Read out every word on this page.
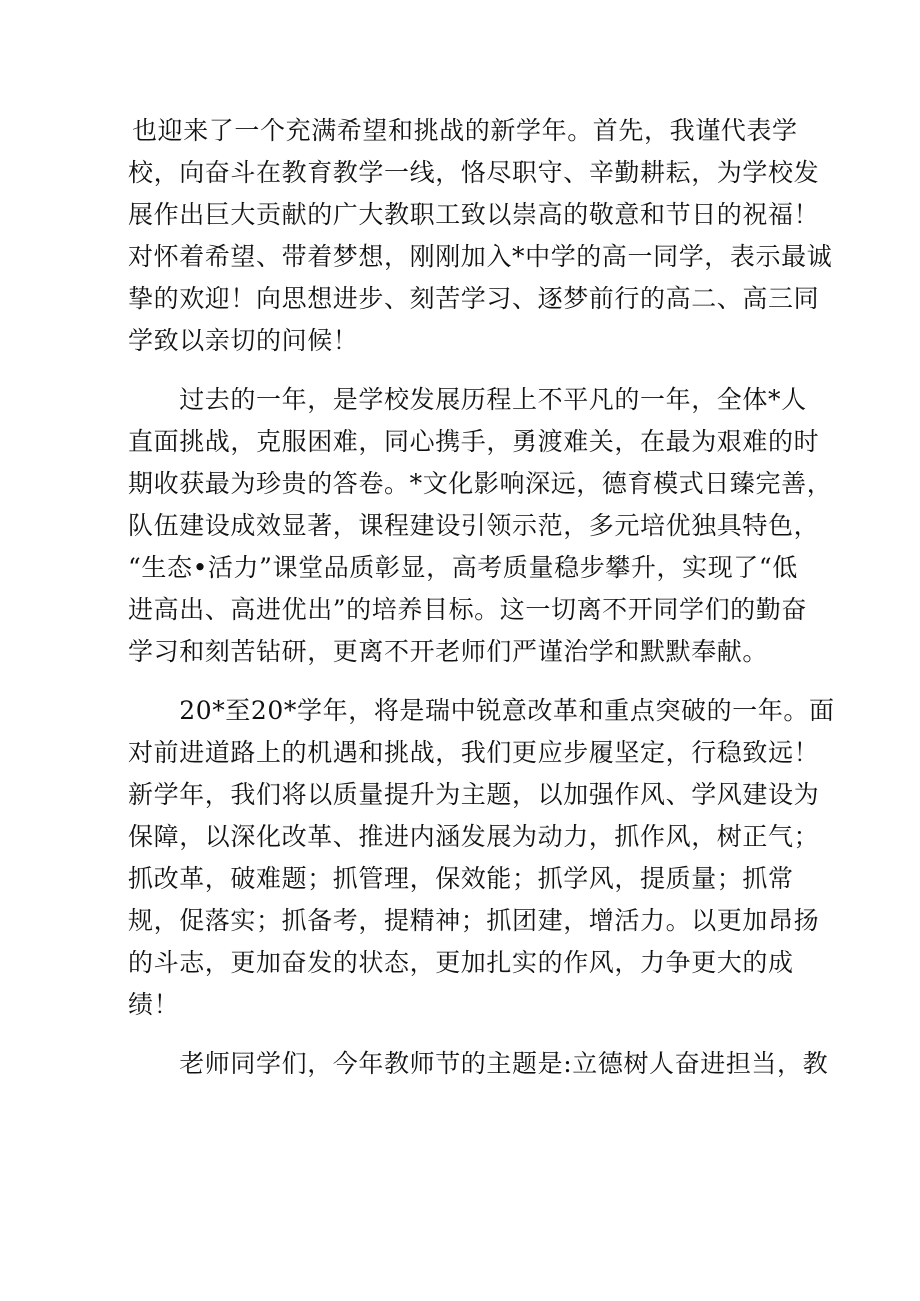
也迎来了一个充满希望和挑战的新学年。首先，我谨代表学
校，向奋斗在教育教学一线，恪尽职守、辛勤耕耘，为学校发
展作出巨大贡献的广大教职工致以崇高的敬意和节日的祝福！
对怀着希望、带着梦想，刚刚加入*中学的高一同学，表示最诚
挚的欢迎！向思想进步、刻苦学习、逐梦前行的高二、高三同
学致以亲切的问候！

　　过去的一年，是学校发展历程上不平凡的一年，全体*人
直面挑战，克服困难，同心携手，勇渡难关，在最为艰难的时
期收获最为珍贵的答卷。*文化影响深远，德育模式日臻完善，
队伍建设成效显著，课程建设引领示范，多元培优独具特色，
“生态•活力”课堂品质彰显，高考质量稳步攀升，实现了“低
进高出、高进优出”的培养目标。这一切离不开同学们的勤奋
学习和刻苦钻研，更离不开老师们严谨治学和默默奉献。

　　20*至20*学年，将是瑞中锐意改革和重点突破的一年。面
对前进道路上的机遇和挑战，我们更应步履坚定，行稳致远！
新学年，我们将以质量提升为主题，以加强作风、学风建设为
保障，以深化改革、推进内涵发展为动力，抓作风，树正气；
抓改革，破难题；抓管理，保效能；抓学风，提质量；抓常
规，促落实；抓备考，提精神；抓团建，增活力。以更加昂扬
的斗志，更加奋发的状态，更加扎实的作风，力争更大的成
绩！

　　老师同学们，今年教师节的主题是:立德树人奋进担当，教
